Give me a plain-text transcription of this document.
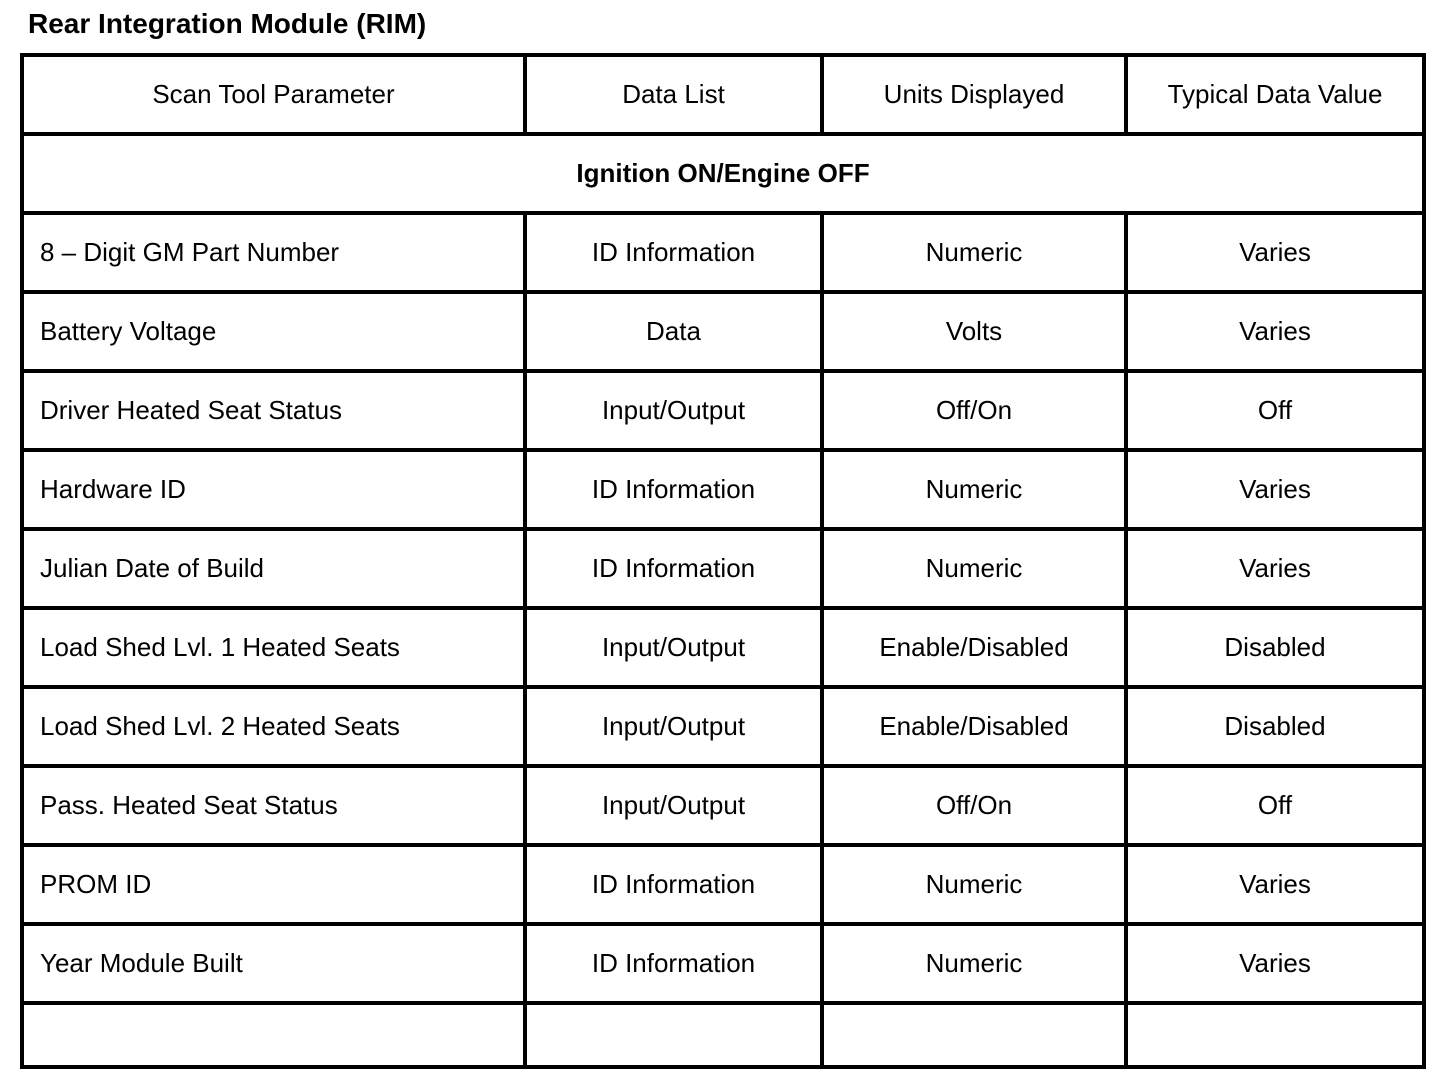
Rear Integration Module (RIM)
Scan Tool Parameter	Data List	Units Displayed	Typical Data Value
Ignition ON/Engine OFF			
8 – Digit GM Part Number	ID Information	Numeric	Varies
Battery Voltage	Data	Volts	Varies
Driver Heated Seat Status	Input/Output	Off/On	Off
Hardware ID	ID Information	Numeric	Varies
Julian Date of Build	ID Information	Numeric	Varies
Load Shed Lvl. 1 Heated Seats	Input/Output	Enable/Disabled	Disabled
Load Shed Lvl. 2 Heated Seats	Input/Output	Enable/Disabled	Disabled
Pass. Heated Seat Status	Input/Output	Off/On	Off
PROM ID	ID Information	Numeric	Varies
Year Module Built	ID Information	Numeric	Varies
